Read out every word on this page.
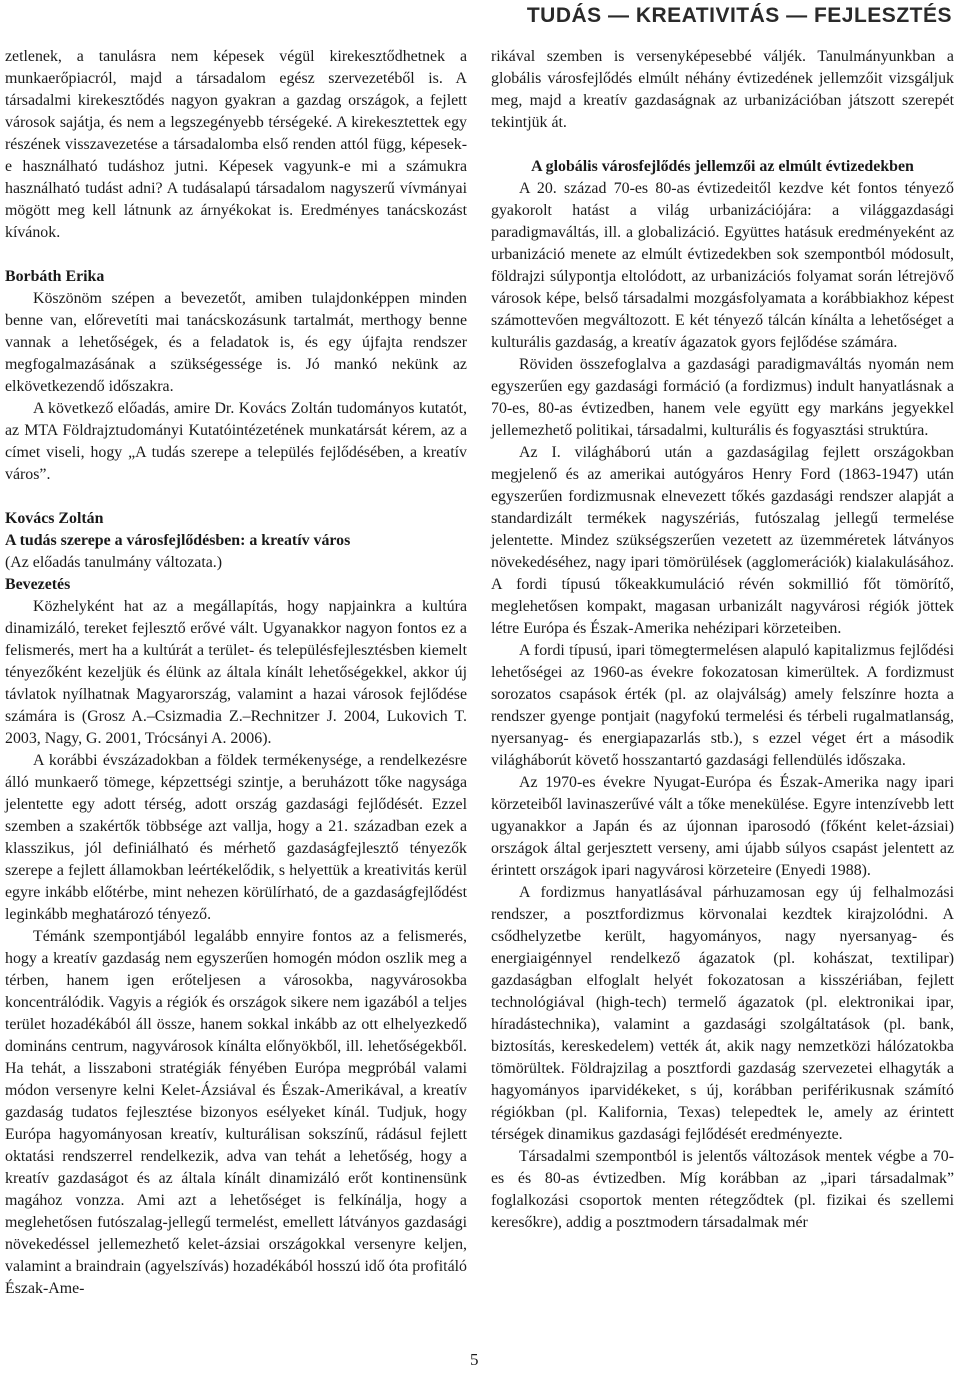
TUDÁS — KREATIVITÁS — FEJLESZTÉS

zetlenek, a tanulásra nem képesek végül kirekesztődhetnek a munkaerőpiacról, majd a társadalom egész szervezetéből is. A társadalmi kirekesztődés nagyon gyakran a gazdag országok, a fejlett városok sajátja, és nem a legszegényebb térségeké. A kirekesztettek egy részének visszavezetése a társadalomba első renden attól függ, képesek-e használható tudáshoz jutni. Képesek vagyunk-e mi a számukra használható tudást adni? A tudásalapú társadalom nagyszerű vívmányai mögött meg kell látnunk az árnyékokat is. Eredményes tanácskozást kívánok.

Borbáth Erika

Köszönöm szépen a bevezetőt, amiben tulajdonképpen minden benne van, előrevetíti mai tanácskozásunk tartalmát, merthogy benne vannak a lehetőségek, és a feladatok is, és egy újfajta rendszer megfogalmazásának a szükségessége is. Jó mankó nekünk az elkövetkezendő időszakra.

A következő előadás, amire Dr. Kovács Zoltán tudományos kutatót, az MTA Földrajztudományi Kutatóintézetének munkatársát kérem, az a címet viseli, hogy „A tudás szerepe a település fejlődésében, a kreatív város”.

Kovács Zoltán

A tudás szerepe a városfejlődésben: a kreatív város

(Az előadás tanulmány változata.)

Bevezetés

Közhelyként hat az a megállapítás, hogy napjainkra a kultúra dinamizáló, tereket fejlesztő erővé vált. Ugyanakkor nagyon fontos ez a felismerés, mert ha a kultúrát a terület- és településfejlesztésben kiemelt tényezőként kezeljük és élünk az általa kínált lehetőségekkel, akkor új távlatok nyílhatnak Magyarország, valamint a hazai városok fejlődése számára is (Grosz A.–Csizmadia Z.–Rechnitzer J. 2004, Lukovich T. 2003, Nagy, G. 2001, Trócsányi A. 2006).

A korábbi évszázadokban a földek termékenysége, a rendelkezésre álló munkaerő tömege, képzettségi szintje, a beruházott tőke nagysága jelentette egy adott térség, adott ország gazdasági fejlődését. Ezzel szemben a szakértők többsége azt vallja, hogy a 21. században ezek a klasszikus, jól definiálható és mérhető gazdaságfejlesztő tényezők szerepe a fejlett államokban leértékelődik, s helyettük a kreativitás kerül egyre inkább előtérbe, mint nehezen körülírható, de a gazdaságfejlődést leginkább meghatározó tényező.

Témánk szempontjából legalább ennyire fontos az a felismerés, hogy a kreatív gazdaság nem egyszerűen homogén módon oszlik meg a térben, hanem igen erőteljesen a városokba, nagyvárosokba koncentrálódik. Vagyis a régiók és országok sikere nem igazából a teljes terület hozadékából áll össze, hanem sokkal inkább az ott elhelyezkedő domináns centrum, nagyvárosok kínálta előnyökből, ill. lehetőségekből. Ha tehát, a lisszaboni stratégiák fényében Európa megpróbál valami módon versenyre kelni Kelet-Ázsiával és Észak-Amerikával, a kreatív gazdaság tudatos fejlesztése bizonyos esélyeket kínál. Tudjuk, hogy Európa hagyományosan kreatív, kulturálisan sokszínű, rádásul fejlett oktatási rendszerrel rendelkezik, adva van tehát a lehetőség, hogy a kreatív gazdaságot és az általa kínált dinamizáló erőt kontinensünk magához vonzza. Ami azt a lehetőséget is felkínálja, hogy a meglehetősen futószalag-jellegű termelést, emellett látványos gazdasági növekedéssel jellemezhető kelet-ázsiai országokkal versenyre keljen, valamint a braindrain (agyelszívás) hozadékából hosszú idő óta profitáló Észak-Ame-

rikával szemben is versenyképesebbé váljék. Tanulmányunkban a globális városfejlődés elmúlt néhány évtizedének jellemzőit vizsgáljuk meg, majd a kreatív gazdaságnak az urbanizációban játszott szerepét tekintjük át.

A globális városfejlődés jellemzői az elmúlt évtizedekben

A 20. század 70-es 80-as évtizedeitől kezdve két fontos tényező gyakorolt hatást a világ urbanizációjára: a világgazdasági paradigmaváltás, ill. a globalizáció. Együttes hatásuk eredményeként az urbanizáció menete az elmúlt évtizedekben sok szempontból módosult, földrajzi súlypontja eltolódott, az urbanizációs folyamat során létrejövő városok képe, belső társadalmi mozgásfolyamata a korábbiakhoz képest számottevően megváltozott. E két tényező tálcán kínálta a lehetőséget a kulturális gazdaság, a kreatív ágazatok gyors fejlődése számára.

Röviden összefoglalva a gazdasági paradigmaváltás nyomán nem egyszerűen egy gazdasági formáció (a fordizmus) indult hanyatlásnak a 70-es, 80-as évtizedben, hanem vele együtt egy markáns jegyekkel jellemezhető politikai, társadalmi, kulturális és fogyasztási struktúra.

Az I. világháború után a gazdaságilag fejlett országokban megjelenő és az amerikai autógyáros Henry Ford (1863-1947) után egyszerűen fordizmusnak elnevezett tőkés gazdasági rendszer alapját a standardizált termékek nagyszériás, futószalag jellegű termelése jelentette. Mindez szükségszerűen vezetett az üzemméretek látványos növekedéséhez, nagy ipari tömörülések (agglomerációk) kialakulásához. A fordi típusú tőkeakkumuláció révén sokmillió főt tömörítő, meglehetősen kompakt, magasan urbanizált nagyvárosi régiók jöttek létre Európa és Észak-Amerika nehézipari körzeteiben.

A fordi típusú, ipari tömegtermelésen alapuló kapitalizmus fejlődési lehetőségei az 1960-as évekre fokozatosan kimerültek. A fordizmust sorozatos csapások érték (pl. az olajválság) amely felszínre hozta a rendszer gyenge pontjait (nagyfokú termelési és térbeli rugalmatlanság, nyersanyag- és energiapazarlás stb.), s ezzel véget ért a második világháborút követő hosszantartó gazdasági fellendülés időszaka.

Az 1970-es évekre Nyugat-Európa és Észak-Amerika nagy ipari körzeteiből lavinaszerűvé vált a tőke menekülése. Egyre intenzívebb lett ugyanakkor a Japán és az újonnan iparosodó (főként kelet-ázsiai) országok által gerjesztett verseny, ami újabb súlyos csapást jelentett az érintett országok ipari nagyvárosi körzeteire (Enyedi 1988).

A fordizmus hanyatlásával párhuzamosan egy új felhalmozási rendszer, a posztfordizmus körvonalai kezdtek kirajzolódni. A csődhelyzetbe került, hagyományos, nagy nyersanyag- és energiaigénnyel rendelkező ágazatok (pl. kohászat, textilipar) gazdaságban elfoglalt helyét fokozatosan a kisszériában, fejlett technológiával (high-tech) termelő ágazatok (pl. elektronikai ipar, híradástechnika), valamint a gazdasági szolgáltatások (pl. bank, biztosítás, kereskedelem) vették át, akik nagy nemzetközi hálózatokba tömörültek. Földrajzilag a posztfordi gazdaság szervezetei elhagyták a hagyományos iparvidékeket, s új, korábban periférikusnak számító régiókban (pl. Kalifornia, Texas) telepedtek le, amely az érintett térségek dinamikus gazdasági fejlődését eredményezte.

Társadalmi szempontból is jelentős változások mentek végbe a 70-es és 80-as évtizedben. Míg korábban az „ipari társadalmak” foglalkozási csoportok menten rétegződtek (pl. fizikai és szellemi keresőkre), addig a posztmodern társadalmak mér

5
